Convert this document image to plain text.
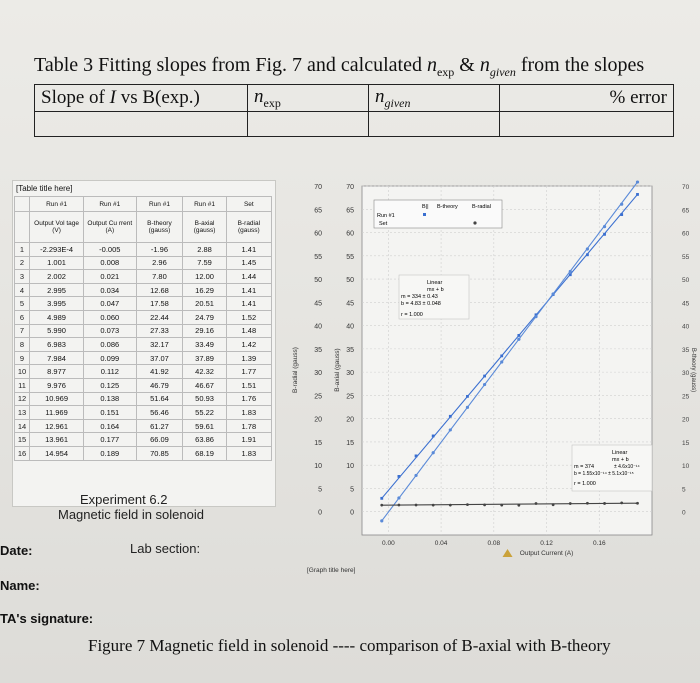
Table 3 Fitting slopes from Fig. 7 and calculated $n_{exp}$ & $n_{given}$ from the slopes
Slope of I vs B(exp.)	$n_{exp}$	$n_{given}$	% error

[Table title here]
	Run #1	Run #1	Run #1	Run #1	Set
	Output Vol tage (V)	Output Cu rrent (A)	B-theory (gauss)	B-axial (gauss)	B-radial (gauss)
1	-2.293E-4	-0.005	-1.96	2.88	1.41
2	1.001	0.008	2.96	7.59	1.45
3	2.002	0.021	7.80	12.00	1.44
4	2.995	0.034	12.68	16.29	1.41
5	3.995	0.047	17.58	20.51	1.41
6	4.989	0.060	22.44	24.79	1.52
7	5.990	0.073	27.33	29.16	1.48
8	6.983	0.086	32.17	33.49	1.42
9	7.984	0.099	37.07	37.89	1.39
10	8.977	0.112	41.92	42.32	1.77
11	9.976	0.125	46.79	46.67	1.51
12	10.969	0.138	51.64	50.93	1.76
13	11.969	0.151	56.46	55.22	1.83
14	12.961	0.164	61.27	59.61	1.78
15	13.961	0.177	66.09	63.86	1.91
16	14.954	0.189	70.85	68.19	1.83
Experiment 6.2
Magnetic field in solenoid
Date:	Lab section:
Name:
TA's signature:
0
0	0
5
5	5
10
10	10
15
15	15
20
20	20
25
25	25
30
30	30
35
35	35
40
40	40
45
45	45
50
50	50
55
55	55
60
60	60
65
65	65
70
70	70
0.00	0.04	0.08	0.12	0.16
Output Current (A)
B-radial (gauss)	B-axial (gauss)	B-theory (gauss)
B|| B-theory	B-radial
Run #1
Set
Linear
mx + b
m = 334 ± 0.43
b = 4.83 ± 0.048
r = 1.000
Linear
mx + b
m = 374	± 4.6x10⁻¹⁴
b = 1.55x10⁻¹⁴ ± 5.1x10⁻¹⁵
r = 1.000
[Graph title here]
Figure 7 Magnetic field in solenoid ---- comparison of B-axial with B-theory
